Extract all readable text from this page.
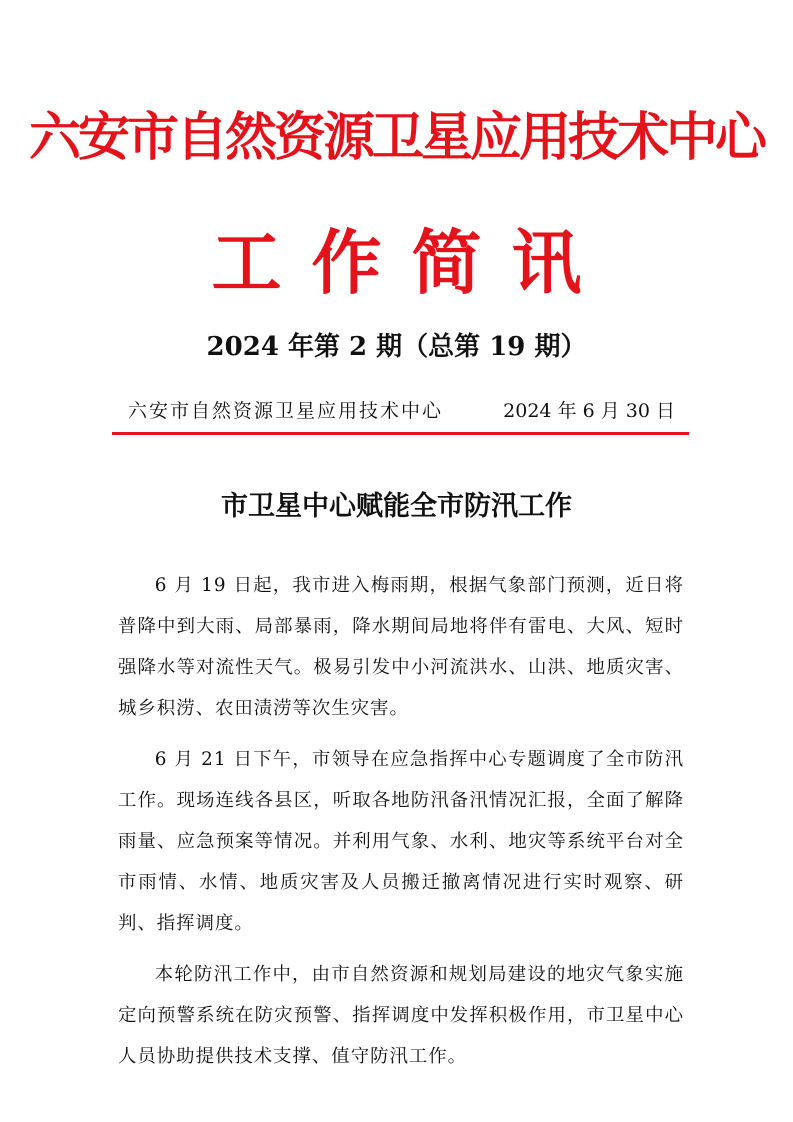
六安市自然资源卫星应用技术中心
工作简讯
2024 年第 2 期（总第 19 期）
六安市自然资源卫星应用技术中心	2024 年 6 月 30 日
市卫星中心赋能全市防汛工作

6 月 19 日起，我市进入梅雨期，根据气象部门预测，近日将普降中到大雨、局部暴雨，降水期间局地将伴有雷电、大风、短时强降水等对流性天气。极易引发中小河流洪水、山洪、地质灾害、城乡积涝、农田渍涝等次生灾害。

6 月 21 日下午，市领导在应急指挥中心专题调度了全市防汛工作。现场连线各县区，听取各地防汛备汛情况汇报，全面了解降雨量、应急预案等情况。并利用气象、水利、地灾等系统平台对全市雨情、水情、地质灾害及人员搬迁撤离情况进行实时观察、研判、指挥调度。

本轮防汛工作中，由市自然资源和规划局建设的地灾气象实施定向预警系统在防灾预警、指挥调度中发挥积极作用，市卫星中心人员协助提供技术支撑、值守防汛工作。
